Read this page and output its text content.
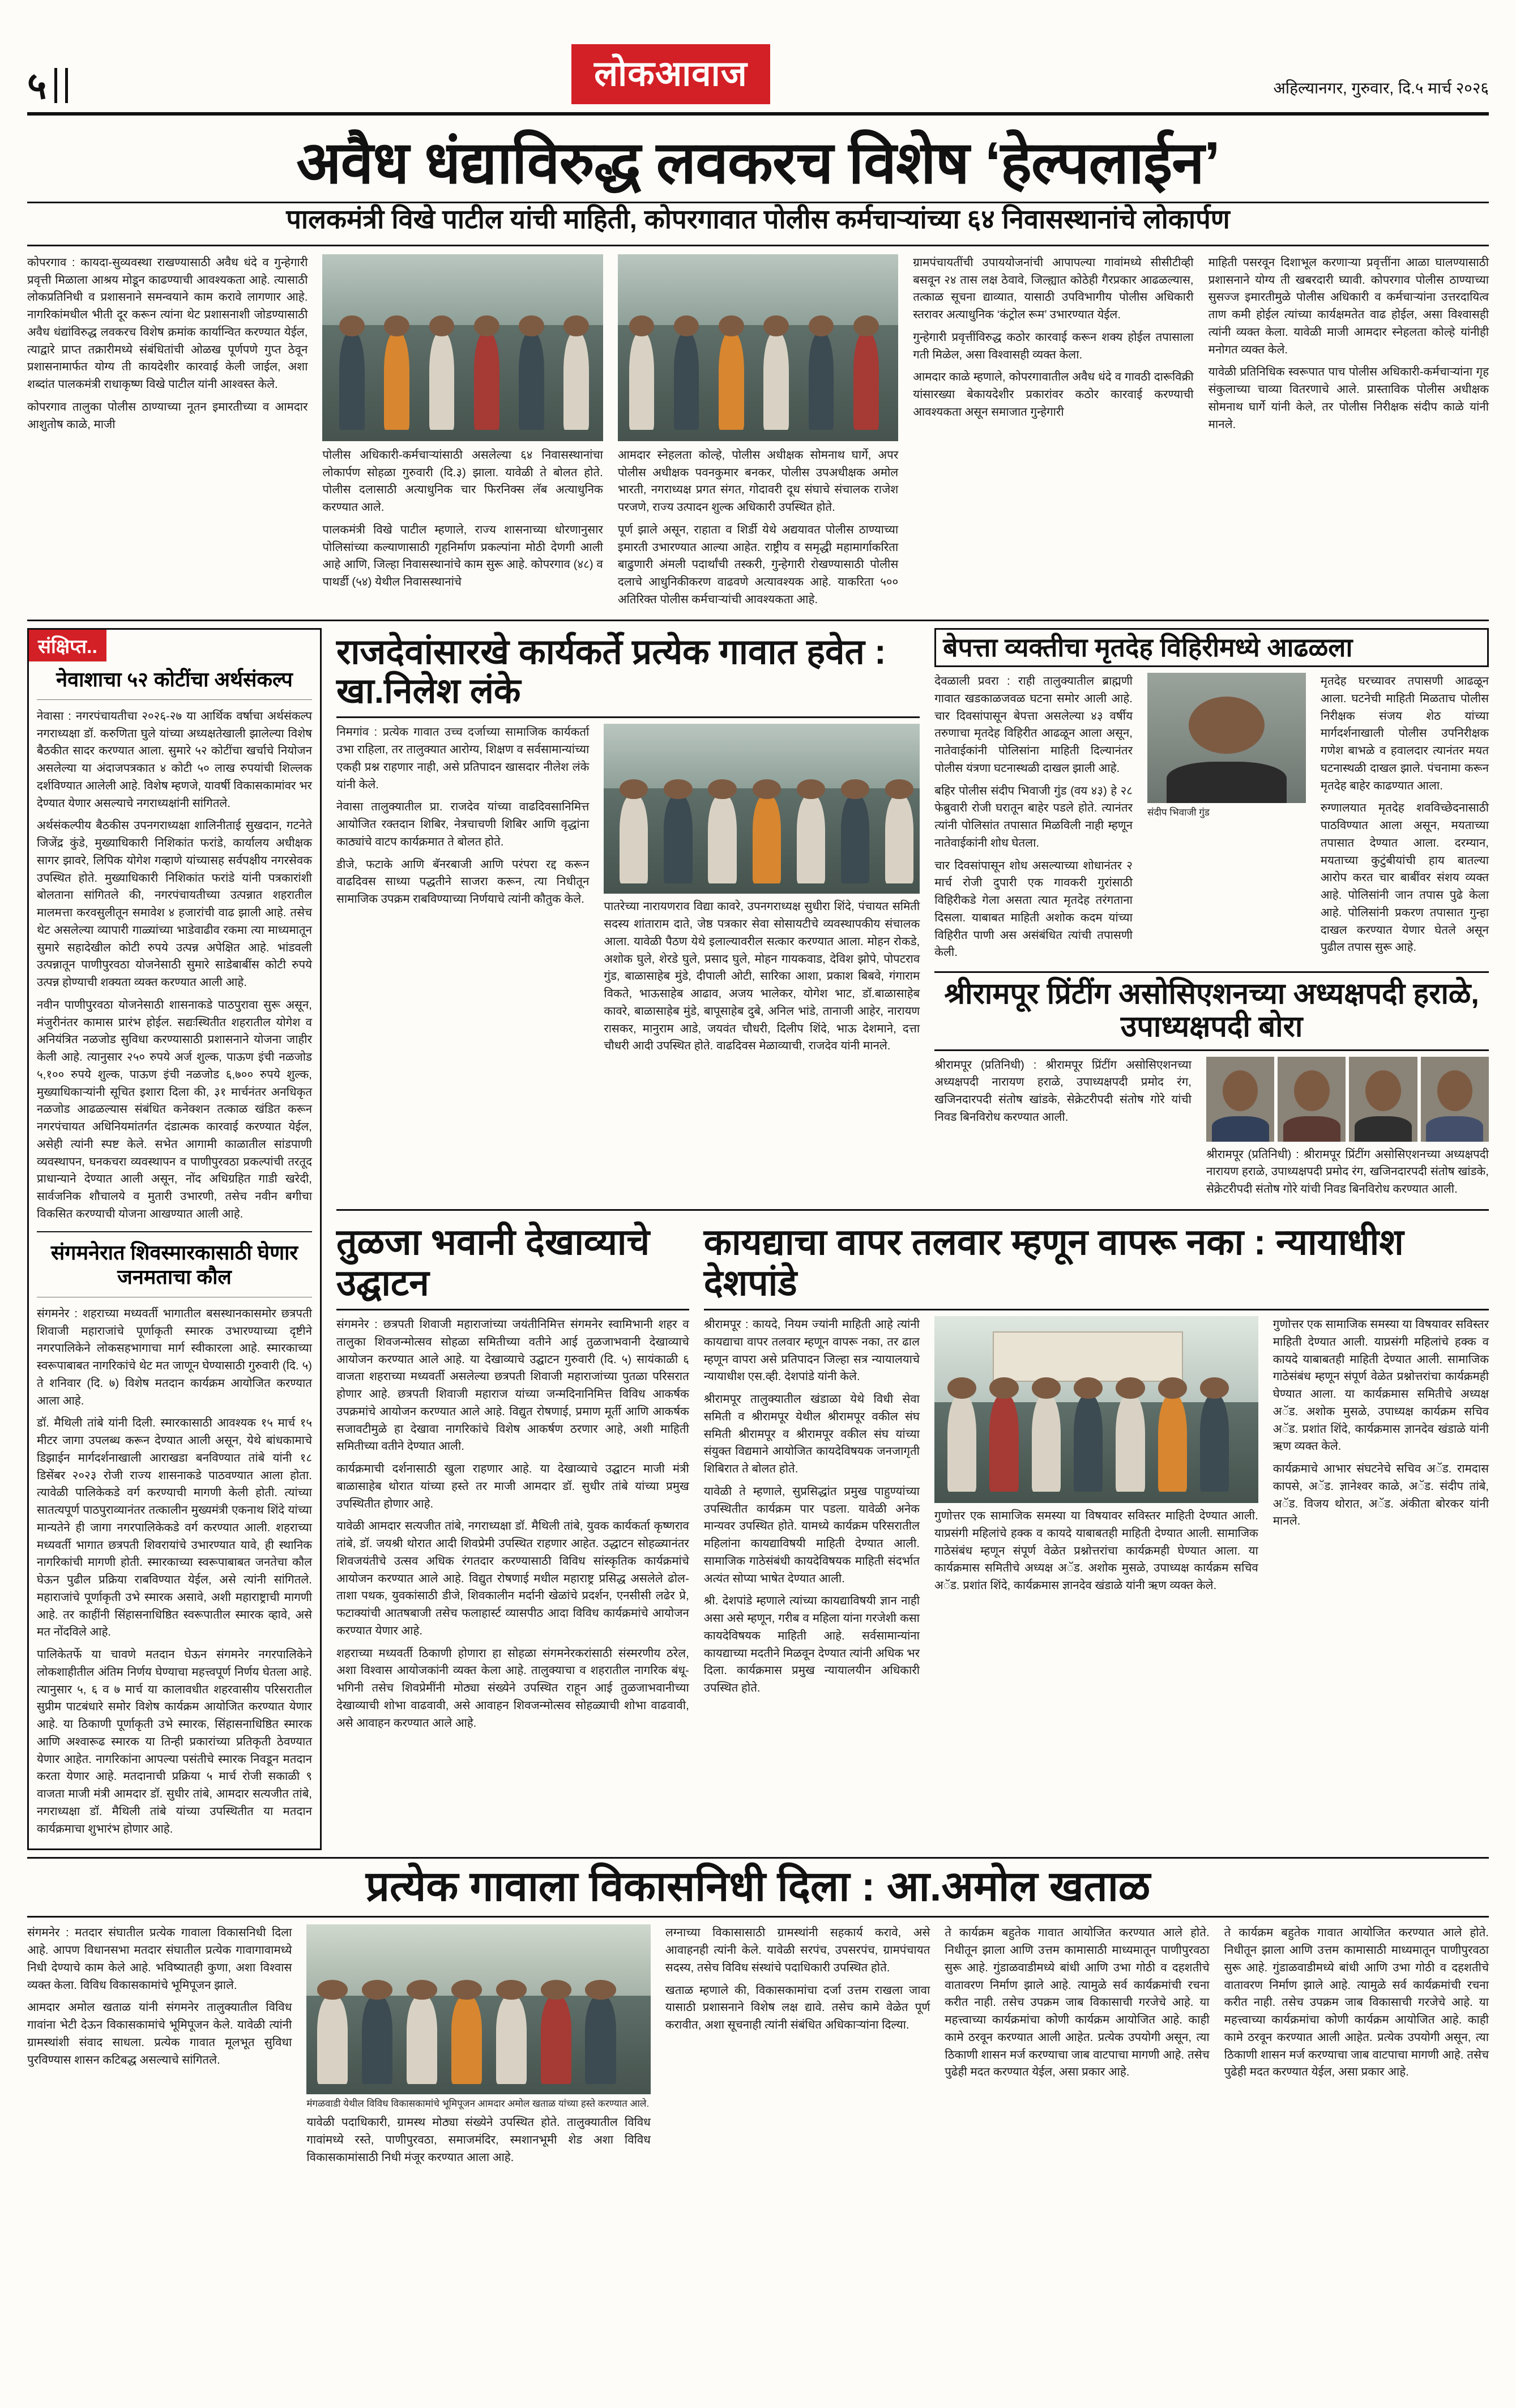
५	लोकआवाज	अहिल्यानगर, गुरुवार, दि.५ मार्च २०२६
अवैध धंद्याविरुद्ध लवकरच विशेष ‘हेल्पलाईन’
पालकमंत्री विखे पाटील यांची माहिती, कोपरगावात पोलीस कर्मचाऱ्यांच्या ६४ निवासस्थानांचे लोकार्पण

कोपरगाव : कायदा-सुव्यवस्था राखण्यासाठी अवैध धंदे व गुन्हेगारी प्रवृत्ती मिळाला आश्रय मोडून काढण्याची आवश्यकता आहे. त्यासाठी लोकप्रतिनिधी व प्रशासनाने समन्वयाने काम करावे लागणार आहे. नागरिकांमधील भीती दूर करून त्यांना थेट प्रशासनाशी जोडण्यासाठी अवैध धंद्यांविरुद्ध लवकरच विशेष क्रमांक कार्यान्वित करण्यात येईल, त्याद्वारे प्राप्त तक्रारीमध्ये संबंधितांची ओळख पूर्णपणे गुप्त ठेवून प्रशासनामार्फत योग्य ती कायदेशीर कारवाई केली जाईल, अशा शब्दांत पालकमंत्री राधाकृष्ण विखे पाटील यांनी आश्वस्त केले.

कोपरगाव तालुका पोलीस ठाण्याच्या नूतन इमारतीच्या व आमदार आशुतोष काळे, माजी

पोलीस अधिकारी-कर्मचाऱ्यांसाठी असलेल्या ६४ निवासस्थानांचा लोकार्पण सोहळा गुरुवारी (दि.३) झाला. यावेळी ते बोलत होते. पोलीस दलासाठी अत्याधुनिक चार फिरनिक्स लॅब अत्याधुनिक करण्यात आले.

पालकमंत्री विखे पाटील म्हणाले, राज्य शासनाच्या धोरणानुसार पोलिसांच्या कल्याणासाठी गृहनिर्माण प्रकल्पांना मोठी देणगी आली आहे आणि, जिल्हा निवासस्थानांचे काम सुरू आहे. कोपरगाव (४८) व पाथर्डी (५४) येथील निवासस्थानांचे

आमदार स्नेहलता कोल्हे, पोलीस अधीक्षक सोमनाथ घार्गे, अपर पोलीस अधीक्षक पवनकुमार बनकर, पोलीस उपअधीक्षक अमोल भारती, नगराध्यक्ष प्रगत संगत, गोदावरी दूध संघाचे संचालक राजेश परजणे, राज्य उत्पादन शुल्क अधिकारी उपस्थित होते.

पूर्ण झाले असून, राहाता व शिर्डी येथे अद्ययावत पोलीस ठाण्याच्या इमारती उभारण्यात आल्या आहेत. राष्ट्रीय व समृद्धी महामार्गाकरिता बाढुणारी अंमली पदार्थांची तस्करी, गुन्हेगारी रोखण्यासाठी पोलीस दलाचे आधुनिकीकरण वाढवणे अत्यावश्यक आहे. याकरिता ५०० अतिरिक्त पोलीस कर्मचाऱ्यांची आवश्यकता आहे.

ग्रामपंचायतींची उपाययोजनांची आपापल्या गावांमध्ये सीसीटीव्ही बसवून २४ तास लक्ष ठेवावे, जिल्ह्यात कोठेही गैरप्रकार आढळल्यास, तत्काळ सूचना द्याव्यात, यासाठी उपविभागीय पोलीस अधिकारी स्तरावर अत्याधुनिक ‘कंट्रोल रूम’ उभारण्यात येईल.

गुन्हेगारी प्रवृत्तींविरुद्ध कठोर कारवाई करून शक्य होईल तपासाला गती मिळेल, असा विश्वासही व्यक्त केला.

आमदार काळे म्हणाले, कोपरगावातील अवैध धंदे व गावठी दारूविक्री यांसारख्या बेकायदेशीर प्रकारांवर कठोर कारवाई करण्याची आवश्यकता असून समाजात गुन्हेगारी

माहिती पसरवून दिशाभूल करणाऱ्या प्रवृत्तींना आळा घालण्यासाठी प्रशासनाने योग्य ती खबरदारी घ्यावी. कोपरगाव पोलीस ठाण्याच्या सुसज्ज इमारतीमुळे पोलीस अधिकारी व कर्मचाऱ्यांना उत्तरदायित्व ताण कमी होईल त्यांच्या कार्यक्षमतेत वाढ होईल, असा विश्वासही त्यांनी व्यक्त केला. यावेळी माजी आमदार स्नेहलता कोल्हे यांनीही मनोगत व्यक्त केले.

यावेळी प्रतिनिधिक स्वरूपात पाच पोलीस अधिकारी-कर्मचाऱ्यांना गृह संकुलाच्या चाव्या वितरणाचे आले. प्रास्ताविक पोलीस अधीक्षक सोमनाथ घार्गे यांनी केले, तर पोलीस निरीक्षक संदीप काळे यांनी मानले.

संक्षिप्त..
नेवाशाचा ५२ कोटींचा अर्थसंकल्प

नेवासा : नगरपंचायतीचा २०२६-२७ या आर्थिक वर्षाचा अर्थसंकल्प नगराध्यक्षा डॉ. करुणिता घुले यांच्या अध्यक्षतेखाली झालेल्या विशेष बैठकीत सादर करण्यात आला. सुमारे ५२ कोटींचा खर्चाचे नियोजन असलेल्या या अंदाजपत्रकात ४ कोटी ५० लाख रुपयांची शिल्लक दर्शविण्यात आलेली आहे. विशेष म्हणजे, यावर्षी विकासकामांवर भर देण्यात येणार असल्याचे नगराध्यक्षांनी सांगितले.

अर्थसंकल्पीय बैठकीस उपनगराध्यक्षा शालिनीताई सुखदान, गटनेते जिजेंद्र कुंडे, मुख्याधिकारी निशिकांत फरांडे, कार्यालय अधीक्षक सागर झावरे, लिपिक योगेश गव्हाणे यांच्यासह सर्वपक्षीय नगरसेवक उपस्थित होते. मुख्याधिकारी निशिकांत फरांडे यांनी पत्रकारांशी बोलताना सांगितले की, नगरपंचायतीच्या उत्पन्नात शहरातील मालमत्ता करवसुलीतून समावेश ४ हजारांची वाढ झाली आहे. तसेच थेट असलेल्या व्यापारी गाळ्यांच्या भाडेवाढीव रकमा त्या माध्यमातून सुमारे सहादेखील कोटी रुपये उत्पन्न अपेक्षित आहे. भांडवली उत्पन्नातून पाणीपुरवठा योजनेसाठी सुमारे साडेबाबींस कोटी रुपये उत्पन्न होण्याची शक्यता व्यक्त करण्यात आली आहे.

नवीन पाणीपुरवठा योजनेसाठी शासनाकडे पाठपुरावा सुरू असून, मंजुरीनंतर कामास प्रारंभ होईल. सद्यःस्थितीत शहरातील योगेश व अनियंत्रित नळजोड सुविधा करण्यासाठी प्रशासनाने योजना जाहीर केली आहे. त्यानुसार २५० रुपये अर्ज शुल्क, पाऊण इंची नळजोड ५,१०० रुपये शुल्क, पाऊण इंची नळजोड ६,७०० रुपये शुल्क, मुख्याधिकाऱ्यांनी सूचित इशारा दिला की, ३१ मार्चनंतर अनधिकृत नळजोड आढळल्यास संबंधित कनेक्शन तत्काळ खंडित करून नगरपंचायत अधिनियमांतर्गत दंडात्मक कारवाई करण्यात येईल, असेही त्यांनी स्पष्ट केले. सभेत आगामी काळातील सांडपाणी व्यवस्थापन, घनकचरा व्यवस्थापन व पाणीपुरवठा प्रकल्पांची तरतूद प्राधान्याने देण्यात आली असून, नोंद अधिग्रहित गाडी खरेदी, सार्वजनिक शौचालये व मुतारी उभारणी, तसेच नवीन बगीचा विकसित करण्याची योजना आखण्यात आली आहे.

संगमनेरात शिवस्मारकासाठी घेणार जनमताचा कौल

संगमनेर : शहराच्या मध्यवर्ती भागातील बसस्थानकासमोर छत्रपती शिवाजी महाराजांचे पूर्णाकृती स्मारक उभारण्याच्या दृष्टीने नगरपालिकेने लोकसहभागाचा मार्ग स्वीकारला आहे. स्मारकाच्या स्वरूपाबाबत नागरिकांचे थेट मत जाणून घेण्यासाठी गुरुवारी (दि. ५) ते शनिवार (दि. ७) विशेष मतदान कार्यक्रम आयोजित करण्यात आला आहे.

डॉ. मैथिली तांबे यांनी दिली. स्मारकासाठी आवश्यक १५ मार्च १५ मीटर जागा उपलब्ध करून देण्यात आली असून, येथे बांधकामाचे डिझाईन मार्गदर्शनाखाली आराखडा बनविण्यात तांबे यांनी १८ डिसेंबर २०२३ रोजी राज्य शासनाकडे पाठवण्यात आला होता. त्यावेळी पालिकेकडे वर्ग करण्याची मागणी केली होती. त्यांच्या सातत्यपूर्ण पाठपुराव्यानंतर तत्कालीन मुख्यमंत्री एकनाथ शिंदे यांच्या मान्यतेने ही जागा नगरपालिकेकडे वर्ग करण्यात आली. शहराच्या मध्यवर्ती भागात छत्रपती शिवरायांचे उभारण्यात यावे, ही स्थानिक नागरिकांची मागणी होती. स्मारकाच्या स्वरूपाबाबत जनतेचा कौल घेऊन पुढील प्रक्रिया राबविण्यात येईल, असे त्यांनी सांगितले. महाराजांचे पूर्णाकृती उभे स्मारक असावे, अशी महाराष्ट्राची मागणी आहे. तर काहींनी सिंहासनाधिष्ठित स्वरूपातील स्मारक व्हावे, असे मत नोंदविले आहे.

पालिकेतर्फे या चावणे मतदान घेऊन संगमनेर नगरपालिकेने लोकशाहीतील अंतिम निर्णय घेण्याचा महत्त्वपूर्ण निर्णय घेतला आहे. त्यानुसार ५, ६ व ७ मार्च या कालावधीत शहरवासीय परिसरातील सुप्रीम पाटबंधारे समोर विशेष कार्यक्रम आयोजित करण्यात येणार आहे. या ठिकाणी पूर्णाकृती उभे स्मारक, सिंहासनाधिष्ठित स्मारक आणि अश्वारूढ स्मारक या तिन्ही प्रकारांच्या प्रतिकृती ठेवण्यात येणार आहेत. नागरिकांना आपल्या पसंतीचे स्मारक निवडून मतदान करता येणार आहे. मतदानाची प्रक्रिया ५ मार्च रोजी सकाळी ९ वाजता माजी मंत्री आमदार डॉ. सुधीर तांबे, आमदार सत्यजीत तांबे, नगराध्यक्षा डॉ. मैथिली तांबे यांच्या उपस्थितीत या मतदान कार्यक्रमाचा शुभारंभ होणार आहे.

राजदेवांसारखे कार्यकर्ते प्रत्येक गावात हवेत : खा.निलेश लंके

निमगांव : प्रत्येक गावात उच्च दर्जाच्या सामाजिक कार्यकर्ता उभा राहिला, तर तालुक्यात आरोग्य, शिक्षण व सर्वसामान्यांच्या एकही प्रश्न राहणार नाही, असे प्रतिपादन खासदार नीलेश लंके यांनी केले.

नेवासा तालुक्यातील प्रा. राजदेव यांच्या वाढदिवसानिमित्त आयोजित रक्तदान शिबिर, नेत्रचाचणी शिबिर आणि वृद्धांना काठ्यांचे वाटप कार्यक्रमात ते बोलत होते.

डीजे, फटाके आणि बॅनरबाजी आणि परंपरा रद्द करून वाढदिवस साध्या पद्धतीने साजरा करून, त्या निधीतून सामाजिक उपक्रम राबविण्याच्या निर्णयाचे त्यांनी कौतुक केले.

पातरेच्या नारायणराव विद्या कावरे, उपनगराध्यक्ष सुधीरा शिंदे, पंचायत समिती सदस्य शांताराम दाते, जेष्ठ पत्रकार सेवा सोसायटीचे व्यवस्थापकीय संचालक आला. यावेळी पैठण येथे इलाल्यावरील सत्कार करण्यात आला. मोहन रोकडे, अशोक घुले, शेरडे घुले, प्रसाद घुले, मोहन गायकवाड, देविश झोपे, पोपटराव गुंड, बाळासाहेब मुंडे, दीपाली ओटी, सारिका आशा, प्रकाश बिबवे, गंगाराम विकते, भाऊसाहेब आढाव, अजय भालेकर, योगेश भाट, डॉ.बाळासाहेब कावरे, बाळासाहेब मुंडे, बापूसाहेब दुबे, अनिल भांडे, तानाजी आहेर, नारायण रासकर, मानुराम आडे, जयवंत चौधरी, दिलीप शिंदे, भाऊ देशमाने, दत्ता चौधरी आदी उपस्थित होते. वाढदिवस मेळाव्याची, राजदेव यांनी मानले.

बेपत्ता व्यक्तीचा मृतदेह विहिरीमध्ये आढळला

देवळाली प्रवरा : राही तालुक्यातील ब्राह्मणी गावात खडकाळजवळ घटना समोर आली आहे. चार दिवसांपासून बेपत्ता असलेल्या ४३ वर्षीय तरुणाचा मृतदेह विहिरीत आढळून आला असून, नातेवाईकांनी पोलिसांना माहिती दिल्यानंतर पोलीस यंत्रणा घटनास्थळी दाखल झाली आहे.

बहिर पोलीस संदीप भिवाजी गुंड (वय ४३) हे २८ फेब्रुवारी रोजी घरातून बाहेर पडले होते. त्यानंतर त्यांनी पोलिसांत तपासात मिळविली नाही म्हणून नातेवाईकांनी शोध घेतला.

चार दिवसांपासून शोध असल्याच्या शोधानंतर २ मार्च रोजी दुपारी एक गावकरी गुरांसाठी विहिरीकडे गेला असता त्यात मृतदेह तरंगताना दिसला. याबाबत माहिती अशोक कदम यांच्या विहिरीत पाणी अस असंबंधित त्यांची तपासणी केली.

संदीप भिवाजी गुंड

मृतदेह घरच्यावर तपासणी आढळून आला. घटनेची माहिती मिळताच पोलीस निरीक्षक संजय शेठ यांच्या मार्गदर्शनाखाली पोलीस उपनिरीक्षक गणेश बाभळे व हवालदार त्यानंतर मयत घटनास्थळी दाखल झाले. पंचनामा करून मृतदेह बाहेर काढण्यात आला.

रुग्णालयात मृतदेह शवविच्छेदनासाठी पाठविण्यात आला असून, मयताच्या तपासात देण्यात आला. दरम्यान, मयताच्या कुटुंबीयांची हाय बातल्या आरोप करत चार बाबींवर संशय व्यक्त आहे. पोलिसांनी जान तपास पुढे केला आहे. पोलिसांनी प्रकरण तपासात गुन्हा दाखल करण्यात येणार घेतले असून पुढील तपास सुरू आहे.

श्रीरामपूर प्रिंटींग असोसिएशनच्या अध्यक्षपदी हराळे, उपाध्यक्षपदी बोरा

श्रीरामपूर (प्रतिनिधी) : श्रीरामपूर प्रिंटींग असोसिएशनच्या अध्यक्षपदी नारायण हराळे, उपाध्यक्षपदी प्रमोद रंग, खजिनदारपदी संतोष खांडके, सेक्रेटरीपदी संतोष गोरे यांची निवड बिनविरोध करण्यात आली.

श्रीरामपूर (प्रतिनिधी) : श्रीरामपूर प्रिंटींग असोसिएशनच्या अध्यक्षपदी नारायण हराळे, उपाध्यक्षपदी प्रमोद रंग, खजिनदारपदी संतोष खांडके, सेक्रेटरीपदी संतोष गोरे यांची निवड बिनविरोध करण्यात आली.

तुळजा भवानी देखाव्याचे उद्घाटन

संगमनेर : छत्रपती शिवाजी महाराजांच्या जयंतीनिमित्त संगमनेर स्वामिभानी शहर व तालुका शिवजन्मोत्सव सोहळा समितीच्या वतीने आई तुळजाभवानी देखाव्याचे आयोजन करण्यात आले आहे. या देखाव्याचे उद्घाटन गुरुवारी (दि. ५) सायंकाळी ६ वाजता शहराच्या मध्यवर्ती असलेल्या छत्रपती शिवाजी महाराजांच्या पुतळा परिसरात होणार आहे. छत्रपती शिवाजी महाराज यांच्या जन्मदिनानिमित्त विविध आकर्षक उपक्रमांचे आयोजन करण्यात आले आहे. विद्युत रोषणाई, प्रमाण मूर्ती आणि आकर्षक सजावटीमुळे हा देखावा नागरिकांचे विशेष आकर्षण ठरणार आहे, अशी माहिती समितीच्या वतीने देण्यात आली.

कार्यक्रमाची दर्शनासाठी खुला राहणार आहे. या देखाव्याचे उद्घाटन माजी मंत्री बाळासाहेब थोरात यांच्या हस्ते तर माजी आमदार डॉ. सुधीर तांबे यांच्या प्रमुख उपस्थितीत होणार आहे.

यावेळी आमदार सत्यजीत तांबे, नगराध्यक्षा डॉ. मैथिली तांबे, युवक कार्यकर्ता कृष्णराव तांबे, डॉ. जयश्री थोरात आदी शिवप्रेमी उपस्थित राहणार आहेत. उद्धाटन सोहळ्यानंतर शिवजयंतीचे उत्सव अधिक रंगतदार करण्यासाठी विविध सांस्कृतिक कार्यक्रमांचे आयोजन करण्यात आले आहे. विद्युत रोषणाई मधील महाराष्ट्र प्रसिद्ध असलेले ढोल-ताशा पथक, युवकांसाठी डीजे, शिवकालीन मर्दानी खेळांचे प्रदर्शन, एनसीसी लढेर प्रे, फटाक्यांची आतषबाजी तसेच फलाहार्स्ट व्यासपीठ आदा विविध कार्यक्रमांचे आयोजन करण्यात येणार आहे.

शहराच्या मध्यवर्ती ठिकाणी होणारा हा सोहळा संगमनेरकरांसाठी संस्मरणीय ठरेल, अशा विश्वास आयोजकांनी व्यक्त केला आहे. तालुक्याचा व शहरातील नागरिक बंधू-भगिनी तसेच शिवप्रेमींनी मोठ्या संख्येने उपस्थित राहून आई तुळजाभवानीच्या देखाव्याची शोभा वाढवावी, असे आवाहन शिवजन्मोत्सव सोहळ्याची शोभा वाढवावी, असे आवाहन करण्यात आले आहे.

कायद्याचा वापर तलवार म्हणून वापरू नका : न्यायाधीश देशपांडे

श्रीरामपूर : कायदे, नियम ज्यांनी माहिती आहे त्यांनी कायद्याचा वापर तलवार म्हणून वापरू नका, तर ढाल म्हणून वापरा असे प्रतिपादन जिल्हा सत्र न्यायालयाचे न्यायाधीश एस.व्ही. देशपांडे यांनी केले.

श्रीरामपूर तालुक्यातील खंडाळा येथे विधी सेवा समिती व श्रीरामपूर येथील श्रीरामपूर वकील संघ समिती श्रीरामपूर व श्रीरामपूर वकील संघ यांच्या संयुक्त विद्यमाने आयोजित कायदेविषयक जनजागृती शिबिरात ते बोलत होते.

यावेळी ते म्हणाले, सुप्रसिद्धांत प्रमुख पाहुण्यांच्या उपस्थितीत कार्यक्रम पार पडला. यावेळी अनेक मान्यवर उपस्थित होते. यामध्ये कार्यक्रम परिसरातील महिलांना कायद्याविषयी माहिती देण्यात आली. सामाजिक गाठेसंबंधी कायदेविषयक माहिती संदर्भात अत्यंत सोप्या भाषेत देण्यात आली.

श्री. देशपांडे म्हणाले त्यांच्या कायद्याविषयी ज्ञान नाही असा असे म्हणून, गरीब व महिला यांना गरजेशी कसा कायदेविषयक माहिती आहे. सर्वसामान्यांना कायद्याच्या मदतीने मिळवून देण्यात त्यांनी अधिक भर दिला. कार्यक्रमास प्रमुख न्यायालयीन अधिकारी उपस्थित होते.

गुणोत्तर एक सामाजिक समस्या या विषयावर सविस्तर माहिती देण्यात आली. याप्रसंगी महिलांचे हक्क व कायदे याबाबतही माहिती देण्यात आली. सामाजिक गाठेसंबंध म्हणून संपूर्ण वेळेत प्रश्नोत्तरांचा कार्यक्रमही घेण्यात आला. या कार्यक्रमास समितीचे अध्यक्ष अॅड. अशोक मुसळे, उपाध्यक्ष कार्यक्रम सचिव अॅड. प्रशांत शिंदे, कार्यक्रमास ज्ञानदेव खंडाळे यांनी ऋण व्यक्त केले.

गुणोत्तर एक सामाजिक समस्या या विषयावर सविस्तर माहिती देण्यात आली. याप्रसंगी महिलांचे हक्क व कायदे याबाबतही माहिती देण्यात आली. सामाजिक गाठेसंबंध म्हणून संपूर्ण वेळेत प्रश्नोत्तरांचा कार्यक्रमही घेण्यात आला. या कार्यक्रमास समितीचे अध्यक्ष अॅड. अशोक मुसळे, उपाध्यक्ष कार्यक्रम सचिव अॅड. प्रशांत शिंदे, कार्यक्रमास ज्ञानदेव खंडाळे यांनी ऋण व्यक्त केले.

कार्यक्रमाचे आभार संघटनेचे सचिव अॅड. रामदास कापसे, अॅड. ज्ञानेश्वर काळे, अॅड. संदीप तांबे, अॅड. विजय थोरात, अॅड. अंकीता बोरकर यांनी मानले.

प्रत्येक गावाला विकासनिधी दिला : आ.अमोल खताळ

संगमनेर : मतदार संघातील प्रत्येक गावाला विकासनिधी दिला आहे. आपण विधानसभा मतदार संघातील प्रत्येक गावागावामध्ये निधी देण्याचे काम केले आहे. भविष्यातही कुणा, अशा विश्वास व्यक्त केला. विविध विकासकामांचे भूमिपूजन झाले.

आमदार अमोल खताळ यांनी संगमनेर तालुक्यातील विविध गावांना भेटी देऊन विकासकामांचे भूमिपूजन केले. यावेळी त्यांनी ग्रामस्थांशी संवाद साधला. प्रत्येक गावात मूलभूत सुविधा पुरविण्यास शासन कटिबद्ध असल्याचे सांगितले.

मंगळवाडी येथील विविध विकासकामांचे भूमिपूजन आमदार अमोल खताळ यांच्या हस्ते करण्यात आले.

यावेळी पदाधिकारी, ग्रामस्थ मोठ्या संख्येने उपस्थित होते. तालुक्यातील विविध गावांमध्ये रस्ते, पाणीपुरवठा, समाजमंदिर, स्मशानभूमी शेड अशा विविध विकासकामांसाठी निधी मंजूर करण्यात आला आहे.

लग्नाच्या विकासासाठी ग्रामस्थांनी सहकार्य करावे, असे आवाहनही त्यांनी केले. यावेळी सरपंच, उपसरपंच, ग्रामपंचायत सदस्य, तसेच विविध संस्थांचे पदाधिकारी उपस्थित होते.

खताळ म्हणाले की, विकासकामांचा दर्जा उत्तम राखला जावा यासाठी प्रशासनाने विशेष लक्ष द्यावे. तसेच कामे वेळेत पूर्ण करावीत, अशा सूचनाही त्यांनी संबंधित अधिकाऱ्यांना दिल्या.

ते कार्यक्रम बहुतेक गावात आयोजित करण्यात आले होते. निधीतून झाला आणि उत्तम कामासाठी माध्यमातून पाणीपुरवठा सुरू आहे. गुंडाळवाडीमध्ये बांधी आणि उभा गोठी व दहशतीचे वातावरण निर्माण झाले आहे. त्यामुळे सर्व कार्यक्रमांची रचना करीत नाही. तसेच उपक्रम जाब विकासाची गरजेचे आहे. या महत्त्वाच्या कार्यक्रमांचा कोणी कार्यक्रम आयोजित आहे. काही कामे ठरवून करण्यात आली आहेत. प्रत्येक उपयोगी असून, त्या ठिकाणी शासन मर्ज करण्याचा जाब वाटपाचा मागणी आहे. तसेच पुढेही मदत करण्यात येईल, असा प्रकार आहे.

ते कार्यक्रम बहुतेक गावात आयोजित करण्यात आले होते. निधीतून झाला आणि उत्तम कामासाठी माध्यमातून पाणीपुरवठा सुरू आहे. गुंडाळवाडीमध्ये बांधी आणि उभा गोठी व दहशतीचे वातावरण निर्माण झाले आहे. त्यामुळे सर्व कार्यक्रमांची रचना करीत नाही. तसेच उपक्रम जाब विकासाची गरजेचे आहे. या महत्त्वाच्या कार्यक्रमांचा कोणी कार्यक्रम आयोजित आहे. काही कामे ठरवून करण्यात आली आहेत. प्रत्येक उपयोगी असून, त्या ठिकाणी शासन मर्ज करण्याचा जाब वाटपाचा मागणी आहे. तसेच पुढेही मदत करण्यात येईल, असा प्रकार आहे.
